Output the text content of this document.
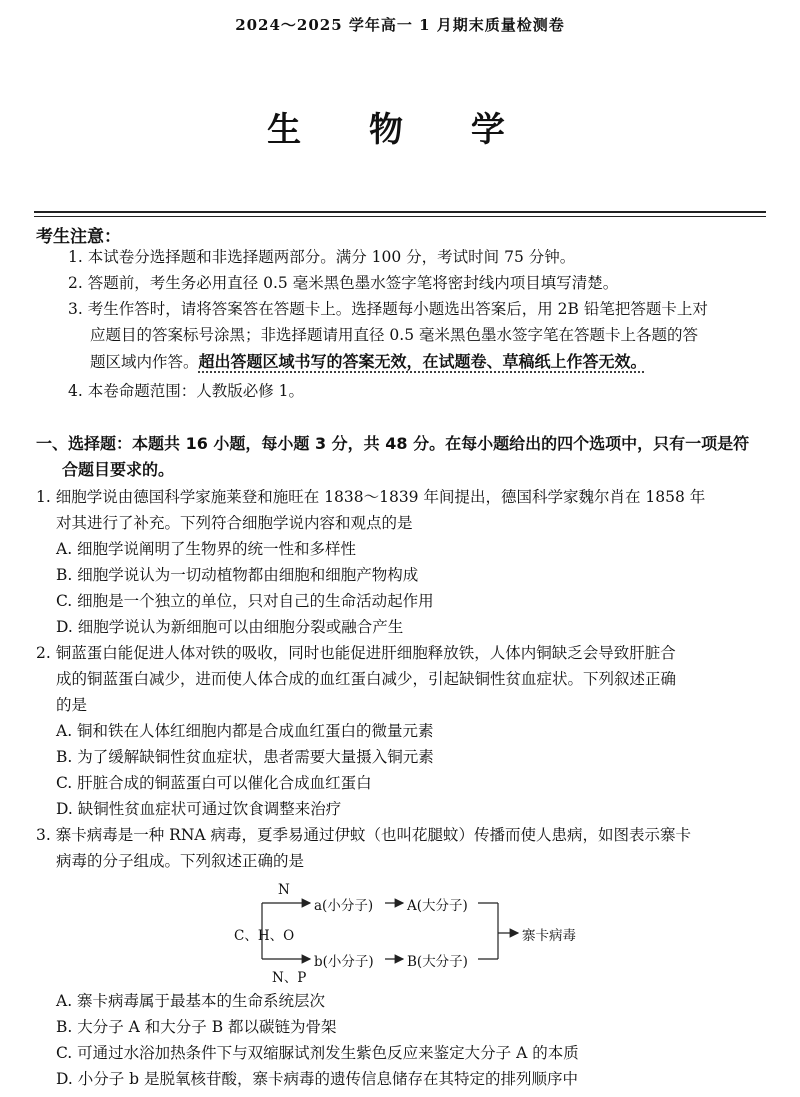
2024～2025 学年高一 1 月期末质量检测卷
生 物 学
考生注意：
1. 本试卷分选择题和非选择题两部分。满分 100 分，考试时间 75 分钟。
2. 答题前，考生务必用直径 0.5 毫米黑色墨水签字笔将密封线内项目填写清楚。
3. 考生作答时，请将答案答在答题卡上。选择题每小题选出答案后，用 2B 铅笔把答题卡上对
应题目的答案标号涂黑；非选择题请用直径 0.5 毫米黑色墨水签字笔在答题卡上各题的答
题区域内作答。超出答题区域书写的答案无效，在试题卷、草稿纸上作答无效。
4. 本卷命题范围：人教版必修 1。
一、选择题：本题共 16 小题，每小题 3 分，共 48 分。在每小题给出的四个选项中，只有一项是符
合题目要求的。
1. 细胞学说由德国科学家施莱登和施旺在 1838～1839 年间提出，德国科学家魏尔肖在 1858 年
对其进行了补充。下列符合细胞学说内容和观点的是
A. 细胞学说阐明了生物界的统一性和多样性
B. 细胞学说认为一切动植物都由细胞和细胞产物构成
C. 细胞是一个独立的单位，只对自己的生命活动起作用
D. 细胞学说认为新细胞可以由细胞分裂或融合产生
2. 铜蓝蛋白能促进人体对铁的吸收，同时也能促进肝细胞释放铁，人体内铜缺乏会导致肝脏合
成的铜蓝蛋白减少，进而使人体合成的血红蛋白减少，引起缺铜性贫血症状。下列叙述正确
的是
A. 铜和铁在人体红细胞内都是合成血红蛋白的微量元素
B. 为了缓解缺铜性贫血症状，患者需要大量摄入铜元素
C. 肝脏合成的铜蓝蛋白可以催化合成血红蛋白
D. 缺铜性贫血症状可通过饮食调整来治疗
3. 寨卡病毒是一种 RNA 病毒，夏季易通过伊蚊（也叫花腿蚊）传播而使人患病，如图表示寨卡
病毒的分子组成。下列叙述正确的是
N
C、H、O
N、P
a(小分子)	A(大分子)
b(小分子) B(大分子)
寨卡病毒
A. 寨卡病毒属于最基本的生命系统层次
B. 大分子 A 和大分子 B 都以碳链为骨架
C. 可通过水浴加热条件下与双缩脲试剂发生紫色反应来鉴定大分子 A 的本质
D. 小分子 b 是脱氧核苷酸，寨卡病毒的遗传信息储存在其特定的排列顺序中
